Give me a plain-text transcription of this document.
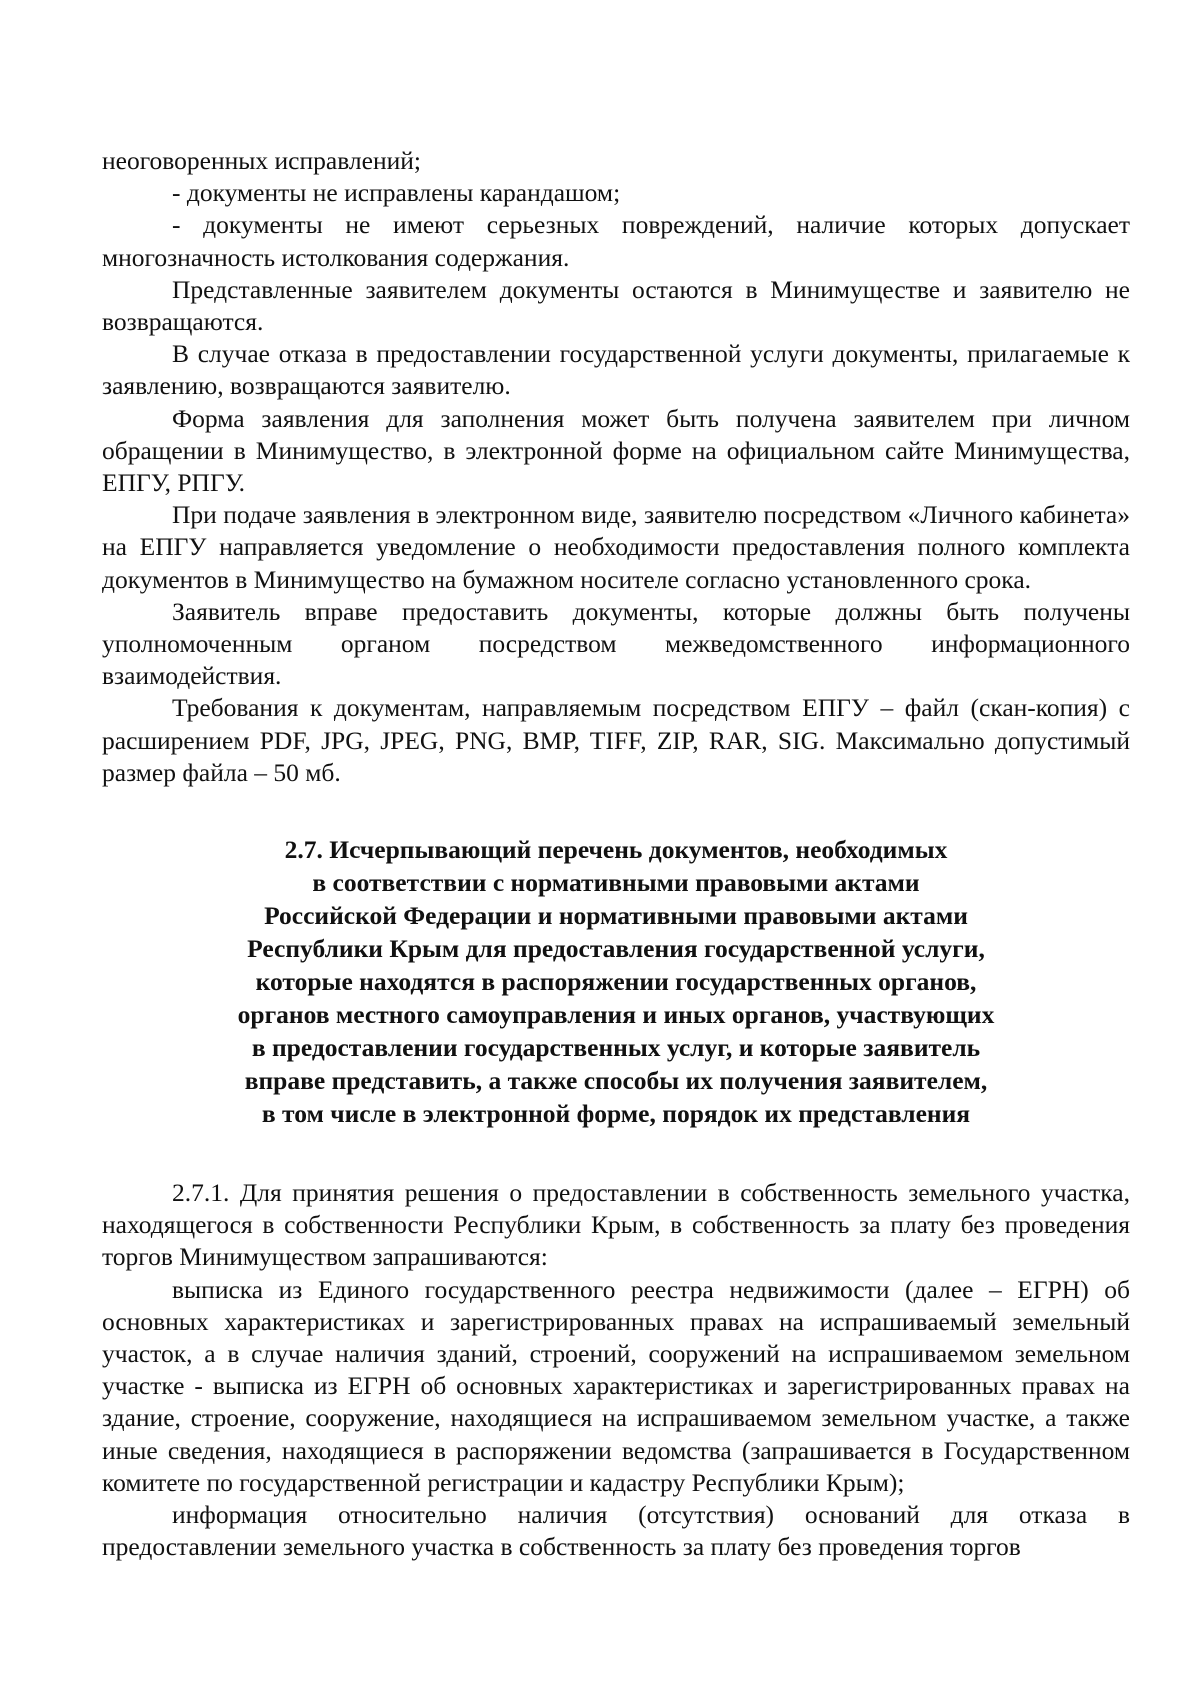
неоговоренных исправлений;

- документы не исправлены карандашом;

- документы не имеют серьезных повреждений, наличие которых допускает многозначность истолкования содержания.

Представленные заявителем документы остаются в Минимуществе и заявителю не возвращаются.

В случае отказа в предоставлении государственной услуги документы, прилагаемые к заявлению, возвращаются заявителю.

Форма заявления для заполнения может быть получена заявителем при личном обращении в Минимущество, в электронной форме на официальном сайте Минимущества, ЕПГУ, РПГУ.

При подаче заявления в электронном виде, заявителю посредством «Личного кабинета» на ЕПГУ направляется уведомление о необходимости предоставления полного комплекта документов в Минимущество на бумажном носителе согласно установленного срока.

Заявитель вправе предоставить документы, которые должны быть получены уполномоченным органом посредством межведомственного информационного взаимодействия.

Требования к документам, направляемым посредством ЕПГУ – файл (скан-копия) с расширением PDF, JPG, JPEG, PNG, BMP, TIFF, ZIP, RAR, SIG. Максимально допустимый размер файла – 50 мб.

2.7. Исчерпывающий перечень документов, необходимых
в соответствии с нормативными правовыми актами
Российской Федерации и нормативными правовыми актами
Республики Крым для предоставления государственной услуги,
которые находятся в распоряжении государственных органов,
органов местного самоуправления и иных органов, участвующих
в предоставлении государственных услуг, и которые заявитель
вправе представить, а также способы их получения заявителем,
в том числе в электронной форме, порядок их представления

2.7.1. Для принятия решения о предоставлении в собственность земельного участка, находящегося в собственности Республики Крым, в собственность за плату без проведения торгов Минимуществом запрашиваются:

выписка из Единого государственного реестра недвижимости (далее – ЕГРН) об основных характеристиках и зарегистрированных правах на испрашиваемый земельный участок, а в случае наличия зданий, строений, сооружений на испрашиваемом земельном участке - выписка из ЕГРН об основных характеристиках и зарегистрированных правах на здание, строение, сооружение, находящиеся на испрашиваемом земельном участке, а также иные сведения, находящиеся в распоряжении ведомства (запрашивается в Государственном комитете по государственной регистрации и кадастру Республики Крым);

информация относительно наличия (отсутствия) оснований для отказа в предоставлении земельного участка в собственность за плату без проведения торгов
